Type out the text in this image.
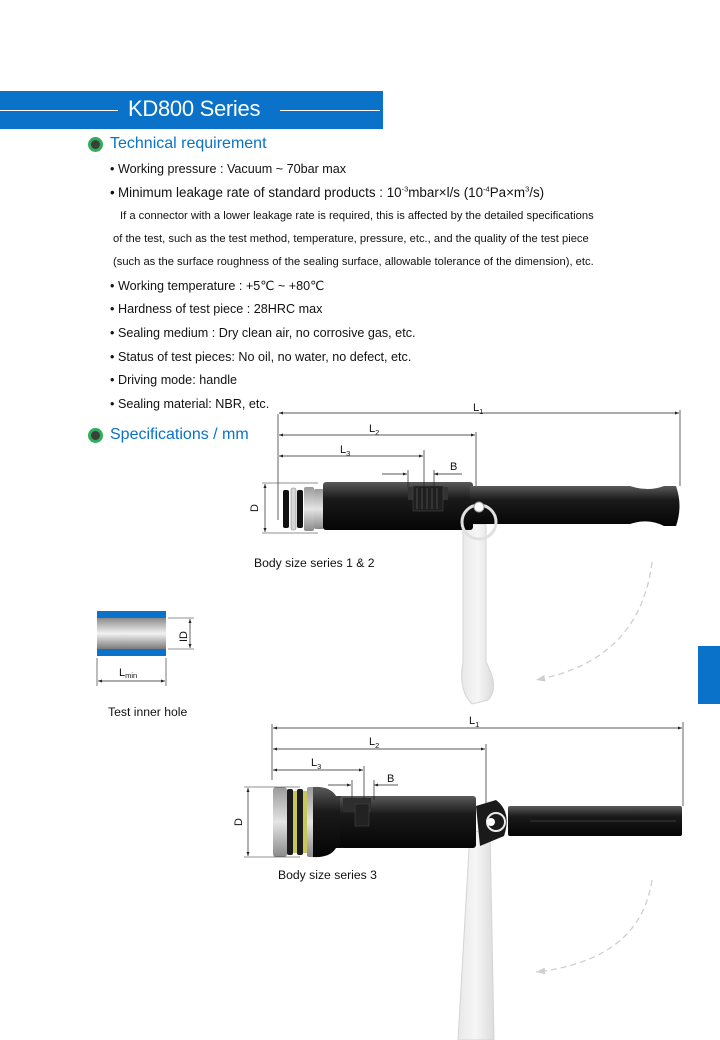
KD800 Series
Technical requirement
• Working pressure : Vacuum ~ 70bar max
• Minimum leakage rate of standard products : $10^{-3}mbar\times l/s$ $(10^{-4}Pa\times m^3/s)$
If a connector with a lower leakage rate is required, this is affected by the detailed specifications
of the test, such as the test method, temperature, pressure, etc., and the quality of the test piece
(such as the surface roughness of the sealing surface, allowable tolerance of the dimension), etc.
• Working temperature : +5℃ ~ +80℃
• Hardness of test piece : 28HRC max
• Sealing medium : Dry clean air, no corrosive gas, etc.
• Status of test pieces: No oil, no water, no defect, etc.
• Driving mode: handle
• Sealing material: NBR, etc.
Specifications / mm
$L_1$
$L_2$
$L_3$
B
D
ID
Lmin
$L_1$
$L_2$
$L_3$
B
D
Body size series 1 & 2
Test inner hole
Body size series 3
